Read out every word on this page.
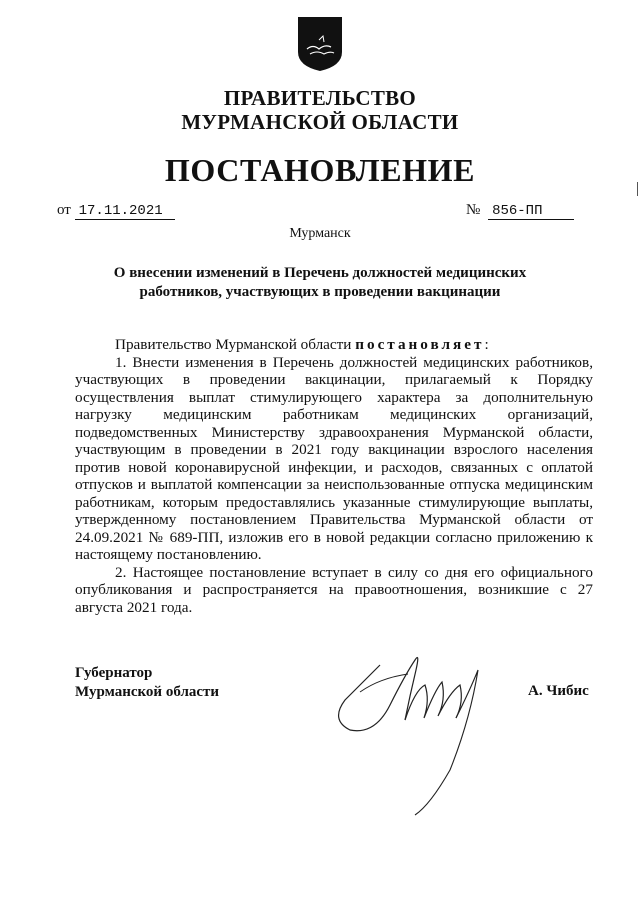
ПРАВИТЕЛЬСТВО
МУРМАНСКОЙ ОБЛАСТИ
ПОСТАНОВЛЕНИЕ
от 17.11.2021	№ 856-ПП
Мурманск
О внесении изменений в Перечень должностей медицинских работников, участвующих в проведении вакцинации

Правительство Мурманской области постановляет:

1. Внести изменения в Перечень должностей медицинских работников, участвующих в проведении вакцинации, прилагаемый к Порядку осуществления выплат стимулирующего характера за дополнительную нагрузку медицинским работникам медицинских организаций, подведомственных Министерству здравоохранения Мурманской области, участвующим в проведении в 2021 году вакцинации взрослого населения против новой коронавирусной инфекции, и расходов, связанных с оплатой отпусков и выплатой компенсации за неиспользованные отпуска медицинским работникам, которым предоставлялись указанные стимулирующие выплаты, утвержденному постановлением Правительства Мурманской области от 24.09.2021 № 689-ПП, изложив его в новой редакции согласно приложению к настоящему постановлению.

2. Настоящее постановление вступает в силу со дня его официального опубликования и распространяется на правоотношения, возникшие с 27 августа 2021 года.

Губернатор
Мурманской области	А. Чибис
